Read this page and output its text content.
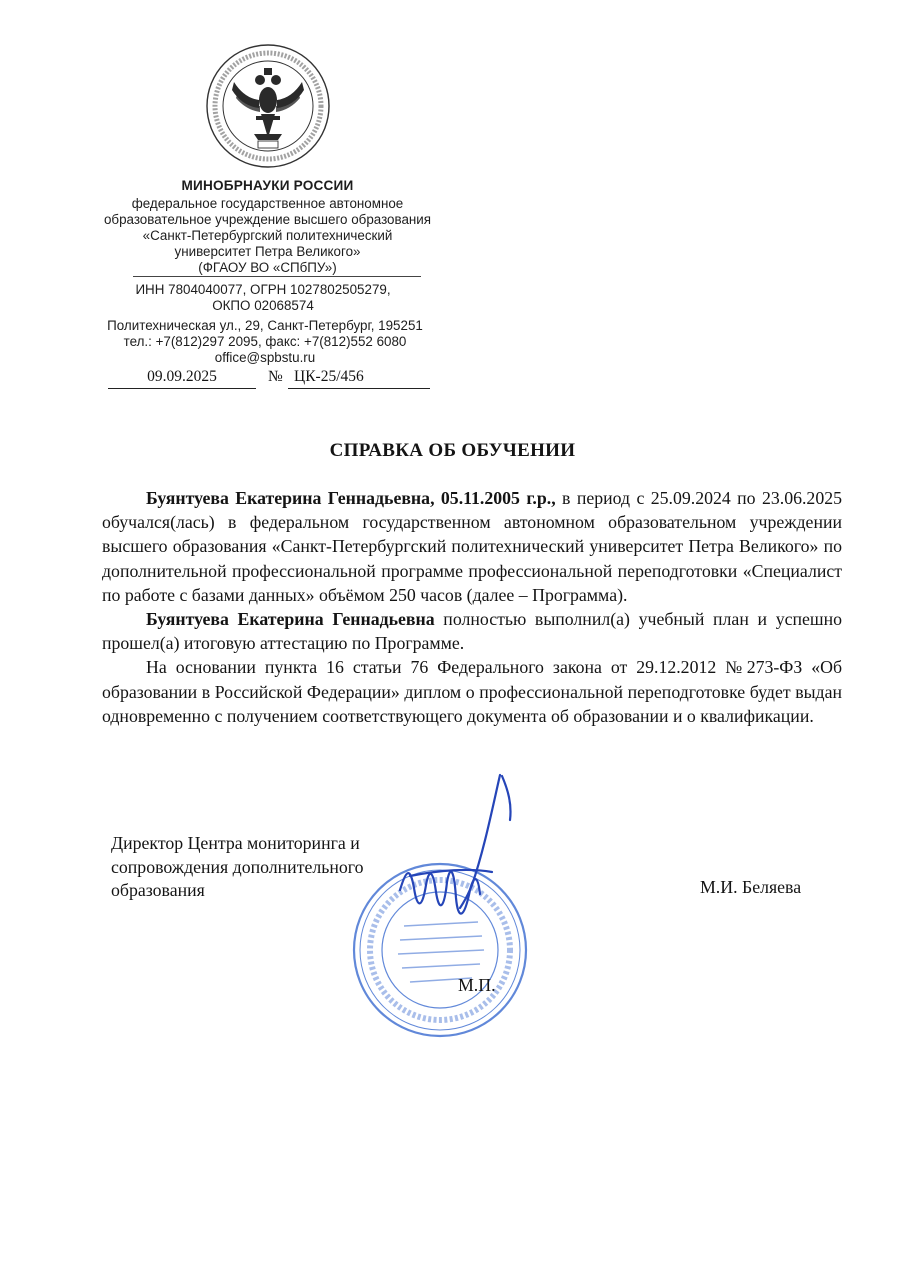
МИНОБРНАУКИ РОССИИ
федеральное государственное автономное
образовательное учреждение высшего образования
«Санкт-Петербургский политехнический
университет Петра Великого»
(ФГАОУ ВО «СПбПУ»)
ИНН 7804040077, ОГРН 1027802505279,
ОКПО 02068574
Политехническая ул., 29, Санкт-Петербург, 195251
тел.: +7(812)297 2095, факс: +7(812)552 6080
office@spbstu.ru
09.09.2025	№ ЦК-25/456
СПРАВКА ОБ ОБУЧЕНИИ

Буянтуева Екатерина Геннадьевна, 05.11.2005 г.р., в период с 25.09.2024 по 23.06.2025 обучался(лась) в федеральном государственном автономном образовательном учреждении высшего образования «Санкт-Петербургский политехнический университет Петра Великого» по дополнительной профессиональной программе профессиональной переподготовки «Специалист по работе с базами данных» объёмом 250 часов (далее – Программа).

Буянтуева Екатерина Геннадьевна полностью выполнил(а) учебный план и успешно прошел(а) итоговую аттестацию по Программе.

На основании пункта 16 статьи 76 Федерального закона от 29.12.2012 №273-ФЗ «Об образовании в Российской Федерации» диплом о профессиональной переподготовке будет выдан одновременно с получением соответствующего документа об образовании и о квалификации.

Директор Центра мониторинга и
сопровождения дополнительного
образования	М.И. Беляева
М.П.
